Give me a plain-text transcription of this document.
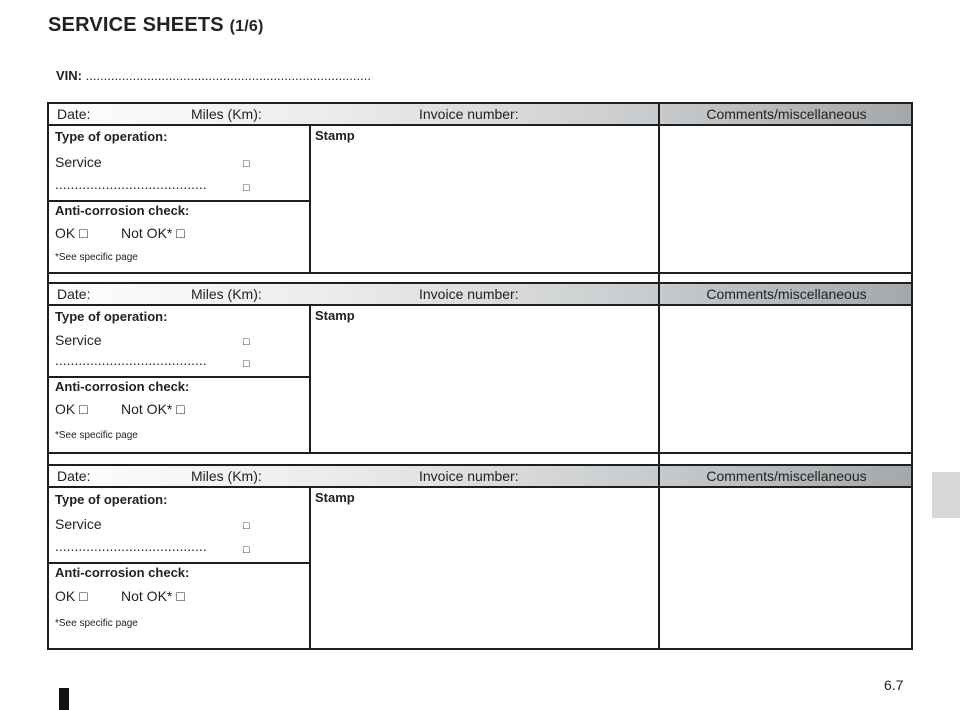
SERVICE SHEETS (1/6)
VIN: ...............................................................................
Date:	Miles (Km):	Invoice number:	Comments/miscellaneous
Type of operation:
Service	□
.......................................	□
Anti-corrosion check:
OK □ Not OK* □
*See specific page
Stamp
Date:	Miles (Km):	Invoice number:	Comments/miscellaneous
Type of operation:
Service	□
.......................................	□
Anti-corrosion check:
OK □ Not OK* □
*See specific page
Stamp
Date:	Miles (Km):	Invoice number:	Comments/miscellaneous
Type of operation:
Service	□
.......................................	□
Anti-corrosion check:
OK □ Not OK* □
*See specific page
Stamp
6.7
